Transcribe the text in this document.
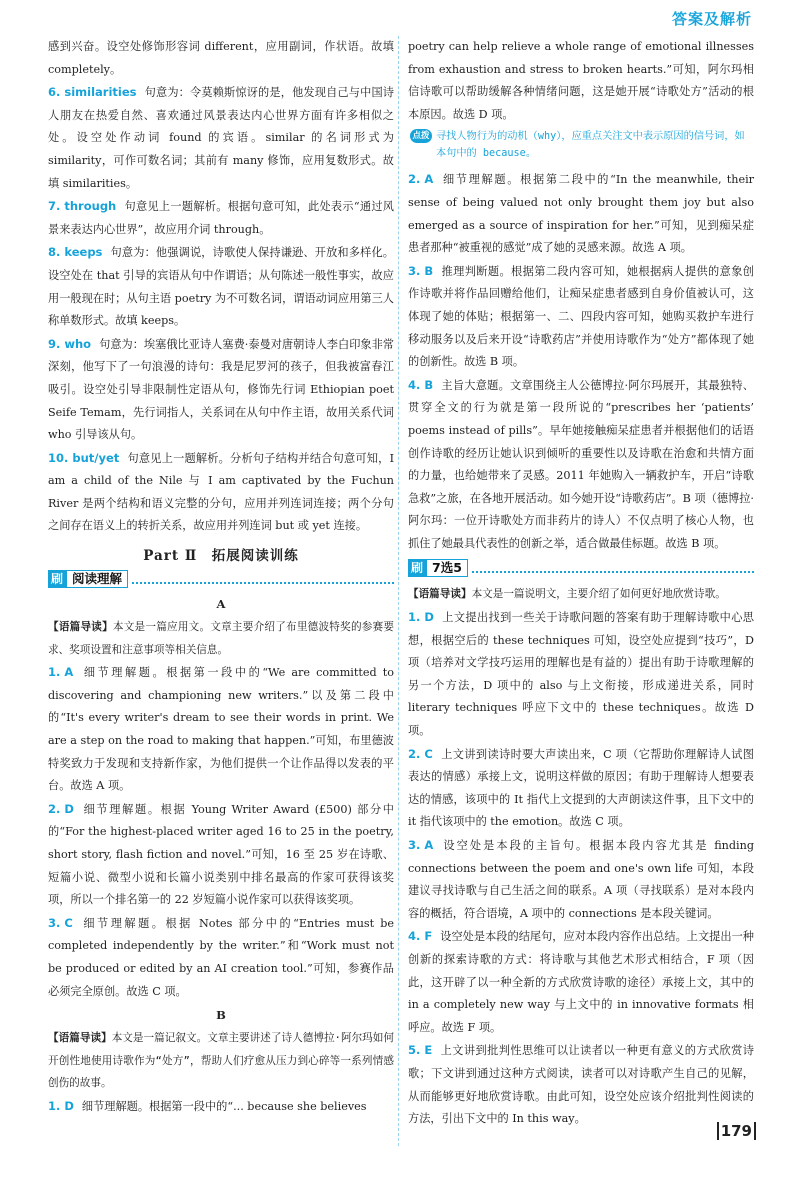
答案及解析

感到兴奋。设空处修饰形容词 different，应用副词，作状语。故填 completely。

6. similarities 句意为：令莫赖斯惊讶的是，他发现自己与中国诗人朋友在热爱自然、喜欢通过风景表达内心世界方面有许多相似之处。设空处作动词 found 的宾语。similar 的名词形式为 similarity，可作可数名词；其前有 many 修饰，应用复数形式。故填 similarities。

7. through 句意见上一题解析。根据句意可知，此处表示“通过风景来表达内心世界”，故应用介词 through。

8. keeps 句意为：他强调说，诗歌使人保持谦逊、开放和多样化。设空处在 that 引导的宾语从句中作谓语；从句陈述一般性事实，故应用一般现在时；从句主语 poetry 为不可数名词，谓语动词应用第三人称单数形式。故填 keeps。

9. who 句意为：埃塞俄比亚诗人塞费·泰曼对唐朝诗人李白印象非常深刻，他写下了一句浪漫的诗句：我是尼罗河的孩子，但我被富春江吸引。设空处引导非限制性定语从句，修饰先行词 Ethiopian poet Seife Temam，先行词指人，关系词在从句中作主语，故用关系代词 who 引导该从句。

10. but/yet 句意见上一题解析。分析句子结构并结合句意可知，I am a child of the Nile 与 I am captivated by the Fuchun River 是两个结构和语义完整的分句，应用并列连词连接；两个分句之间存在语义上的转折关系，故应用并列连词 but 或 yet 连接。

Part Ⅱ　拓展阅读训练
刷 阅读理解
A

【语篇导读】本文是一篇应用文。文章主要介绍了布里德波特奖的参赛要求、奖项设置和注意事项等相关信息。

1. A 细节理解题。根据第一段中的“We are committed to discovering and championing new writers.”以及第二段中的“It's every writer's dream to see their words in print. We are a step on the road to making that happen.”可知，布里德波特奖致力于发现和支持新作家，为他们提供一个让作品得以发表的平台。故选 A 项。

2. D 细节理解题。根据 Young Writer Award (£500) 部分中的“For the highest-placed writer aged 16 to 25 in the poetry, short story, flash fiction and novel.”可知，16 至 25 岁在诗歌、短篇小说、微型小说和长篇小说类别中排名最高的作家可获得该奖项，所以一个排名第一的 22 岁短篇小说作家可以获得该奖项。

3. C 细节理解题。根据 Notes 部分中的“Entries must be completed independently by the writer.”和“Work must not be produced or edited by an AI creation tool.”可知，参赛作品必须完全原创。故选 C 项。

B

【语篇导读】本文是一篇记叙文。文章主要讲述了诗人德博拉·阿尔玛如何开创性地使用诗歌作为“处方”，帮助人们疗愈从压力到心碎等一系列情感创伤的故事。

1. D 细节理解题。根据第一段中的“... because she believes

poetry can help relieve a whole range of emotional illnesses from exhaustion and stress to broken hearts.”可知，阿尔玛相信诗歌可以帮助缓解各种情绪问题，这是她开展“诗歌处方”活动的根本原因。故选 D 项。

点拨 寻找人物行为的动机（why），应重点关注文中表示原因的信号词，如本句中的 because。

2. A 细节理解题。根据第二段中的“In the meanwhile, their sense of being valued not only brought them joy but also emerged as a source of inspiration for her.”可知，见到痴呆症患者那种“被重视的感觉”成了她的灵感来源。故选 A 项。

3. B 推理判断题。根据第二段内容可知，她根据病人提供的意象创作诗歌并将作品回赠给他们，让痴呆症患者感到自身价值被认可，这体现了她的体贴；根据第一、二、四段内容可知，她购买救护车进行移动服务以及后来开设“诗歌药店”并使用诗歌作为“处方”都体现了她的创新性。故选 B 项。

4. B 主旨大意题。文章围绕主人公德博拉·阿尔玛展开，其最独特、贯穿全文的行为就是第一段所说的“prescribes her ‘patients’ poems instead of pills”。早年她接触痴呆症患者并根据他们的话语创作诗歌的经历让她认识到倾听的重要性以及诗歌在治愈和共情方面的力量，也给她带来了灵感。2011 年她购入一辆救护车，开启“诗歌急救”之旅，在各地开展活动。如今她开设“诗歌药店”。B 项（德博拉·阿尔玛：一位开诗歌处方而非药片的诗人）不仅点明了核心人物，也抓住了她最具代表性的创新之举，适合做最佳标题。故选 B 项。

刷 7选5

【语篇导读】本文是一篇说明文，主要介绍了如何更好地欣赏诗歌。

1. D 上文提出找到一些关于诗歌问题的答案有助于理解诗歌中心思想，根据空后的 these techniques 可知，设空处应提到“技巧”，D 项（培养对文学技巧运用的理解也是有益的）提出有助于诗歌理解的另一个方法，D 项中的 also 与上文衔接，形成递进关系，同时 literary techniques 呼应下文中的 these techniques。故选 D 项。

2. C 上文讲到读诗时要大声读出来，C 项（它帮助你理解诗人试图表达的情感）承接上文，说明这样做的原因；有助于理解诗人想要表达的情感，该项中的 It 指代上文提到的大声朗读这件事，且下文中的 it 指代该项中的 the emotion。故选 C 项。

3. A 设空处是本段的主旨句。根据本段内容尤其是 finding connections between the poem and one's own life 可知，本段建议寻找诗歌与自己生活之间的联系。A 项（寻找联系）是对本段内容的概括，符合语境，A 项中的 connections 是本段关键词。

4. F 设空处是本段的结尾句，应对本段内容作出总结。上文提出一种创新的探索诗歌的方式：将诗歌与其他艺术形式相结合，F 项（因此，这开辟了以一种全新的方式欣赏诗歌的途径）承接上文，其中的 in a completely new way 与上文中的 in innovative formats 相呼应。故选 F 项。

5. E 上文讲到批判性思维可以让读者以一种更有意义的方式欣赏诗歌；下文讲到通过这种方式阅读，读者可以对诗歌产生自己的见解，从而能够更好地欣赏诗歌。由此可知，设空处应该介绍批判性阅读的方法，引出下文中的 In this way。

179
